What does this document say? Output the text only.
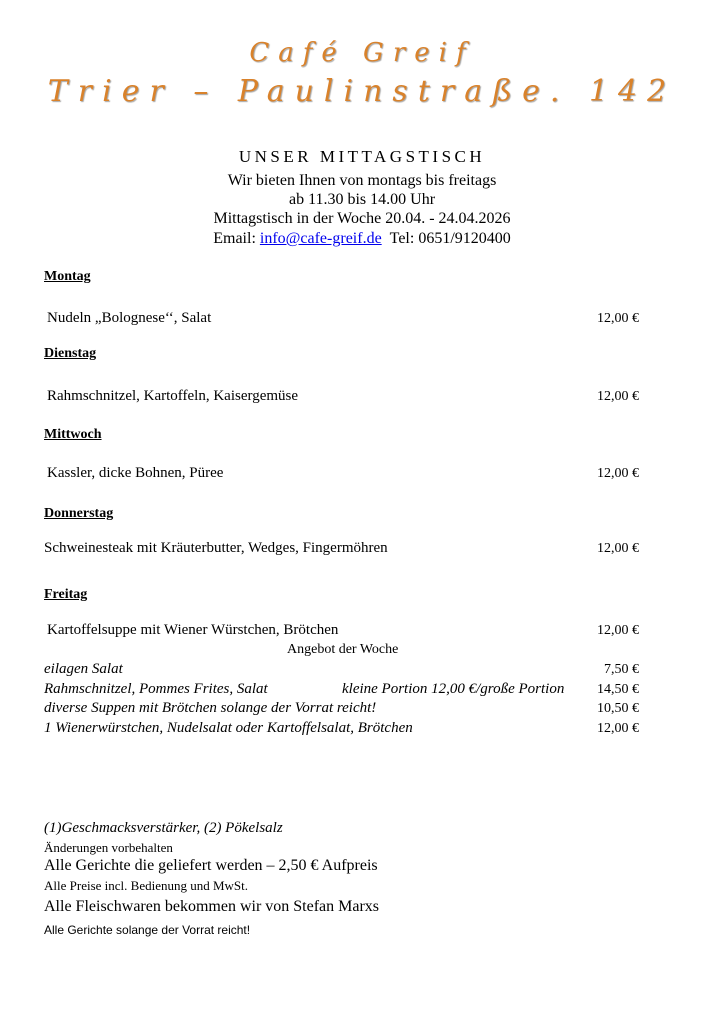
Café Greif
Trier – Paulinstraße. 142
UNSER MITTAGSTISCH
Wir bieten Ihnen von montags bis freitags
ab 11.30 bis 14.00 Uhr
Mittagstisch in der Woche 20.04. - 24.04.2026
Email: info@cafe-greif.de Tel: 0651/9120400
Montag
Nudeln „Bolognese‘‘, Salat	12,00 €
Dienstag
Rahmschnitzel, Kartoffeln, Kaisergemüse	12,00 €
Mittwoch
Kassler, dicke Bohnen, Püree	12,00 €
Donnerstag
Schweinesteak mit Kräuterbutter, Wedges, Fingermöhren	12,00 €
Freitag
Kartoffelsuppe mit Wiener Würstchen, Brötchen	12,00 €
Angebot der Woche
eilagen Salat	7,50 €
Rahmschnitzel, Pommes Frites, Salat	kleine Portion 12,00 €/große Portion 14,50 €
diverse Suppen mit Brötchen solange der Vorrat reicht!	10,50 €
1 Wienerwürstchen, Nudelsalat oder Kartoffelsalat, Brötchen	12,00 €
(1)Geschmacksverstärker, (2) Pökelsalz
Änderungen vorbehalten
Alle Gerichte die geliefert werden – 2,50 € Aufpreis
Alle Preise incl. Bedienung und MwSt.
Alle Fleischwaren bekommen wir von Stefan Marxs
Alle Gerichte solange der Vorrat reicht!
